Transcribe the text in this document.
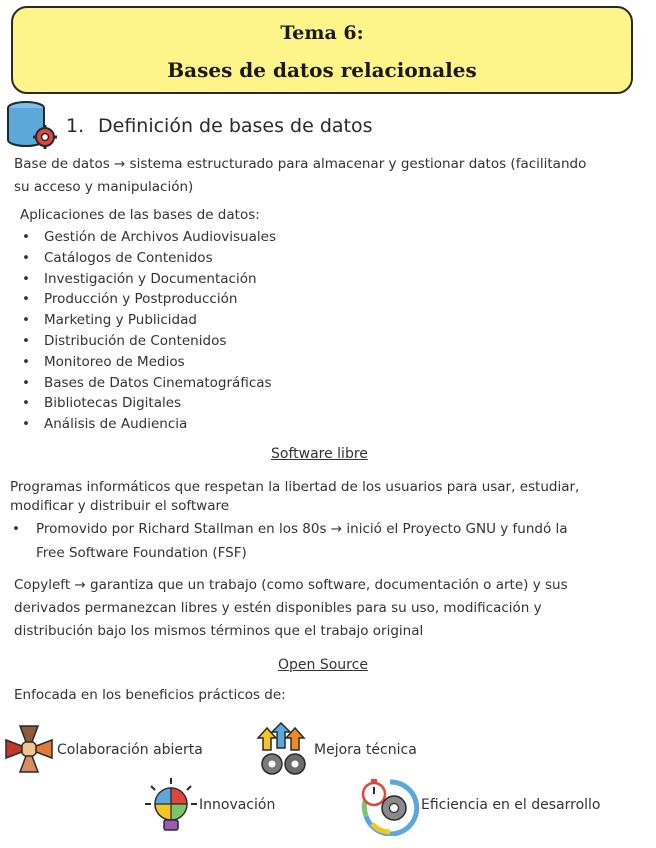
Tema 6:
Bases de datos relacionales
1. Definición de bases de datos
Base de datos → sistema estructurado para almacenar y gestionar datos (facilitando
su acceso y manipulación)
Aplicaciones de las bases de datos:
• Gestión de Archivos Audiovisuales
• Catálogos de Contenidos
• Investigación y Documentación
• Producción y Postproducción
• Marketing y Publicidad
• Distribución de Contenidos
• Monitoreo de Medios
• Bases de Datos Cinematográficas
• Bibliotecas Digitales
• Análisis de Audiencia
Software libre
Programas informáticos que respetan la libertad de los usuarios para usar, estudiar,
modificar y distribuir el software
• Promovido por Richard Stallman en los 80s → inició el Proyecto GNU y fundó la
Free Software Foundation (FSF)
Copyleft → garantiza que un trabajo (como software, documentación o arte) y sus
derivados permanezcan libres y estén disponibles para su uso, modificación y
distribución bajo los mismos términos que el trabajo original
Open Source
Enfocada en los beneficios prácticos de:
Colaboración abierta	Mejora técnica
Innovación	Eficiencia en el desarrollo
